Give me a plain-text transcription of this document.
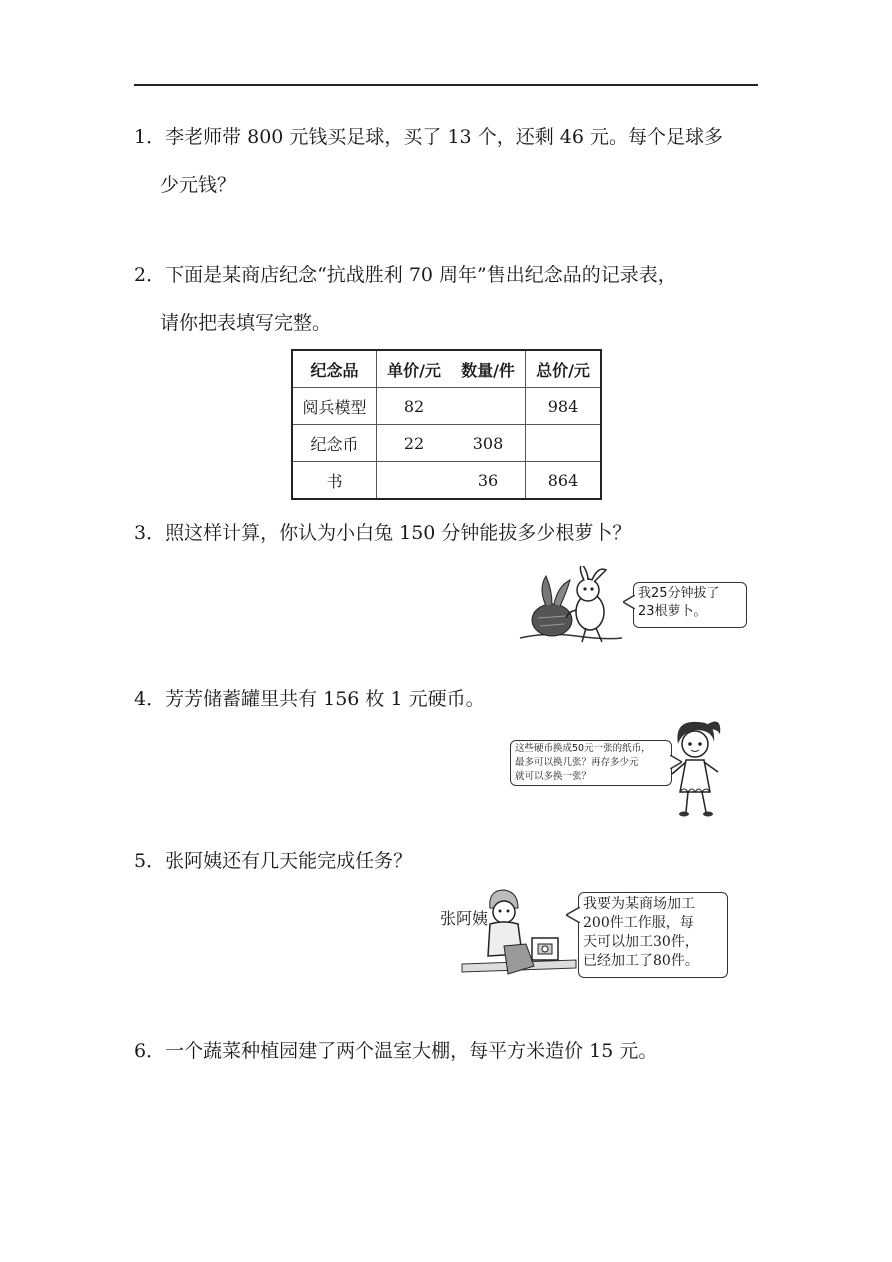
1．李老师带 800 元钱买足球，买了 13 个，还剩 46 元。每个足球多
少元钱？
2．下面是某商店纪念“抗战胜利 70 周年”售出纪念品的记录表，
请你把表填写完整。
纪念品	单价/元	数量/件	总价/元
阅兵模型	82		984
纪念币	22	308	
书		36	864
3．照这样计算，你认为小白兔 150 分钟能拔多少根萝卜？
我25分钟拔了
23根萝卜。
4．芳芳储蓄罐里共有 156 枚 1 元硬币。
这些硬币换成50元一张的纸币，
最多可以换几张？再存多少元
就可以多换一张？
5．张阿姨还有几天能完成任务？
张阿姨
我要为某商场加工
200件工作服，每
天可以加工30件，
已经加工了80件。
6．一个蔬菜种植园建了两个温室大棚，每平方米造价 15 元。
